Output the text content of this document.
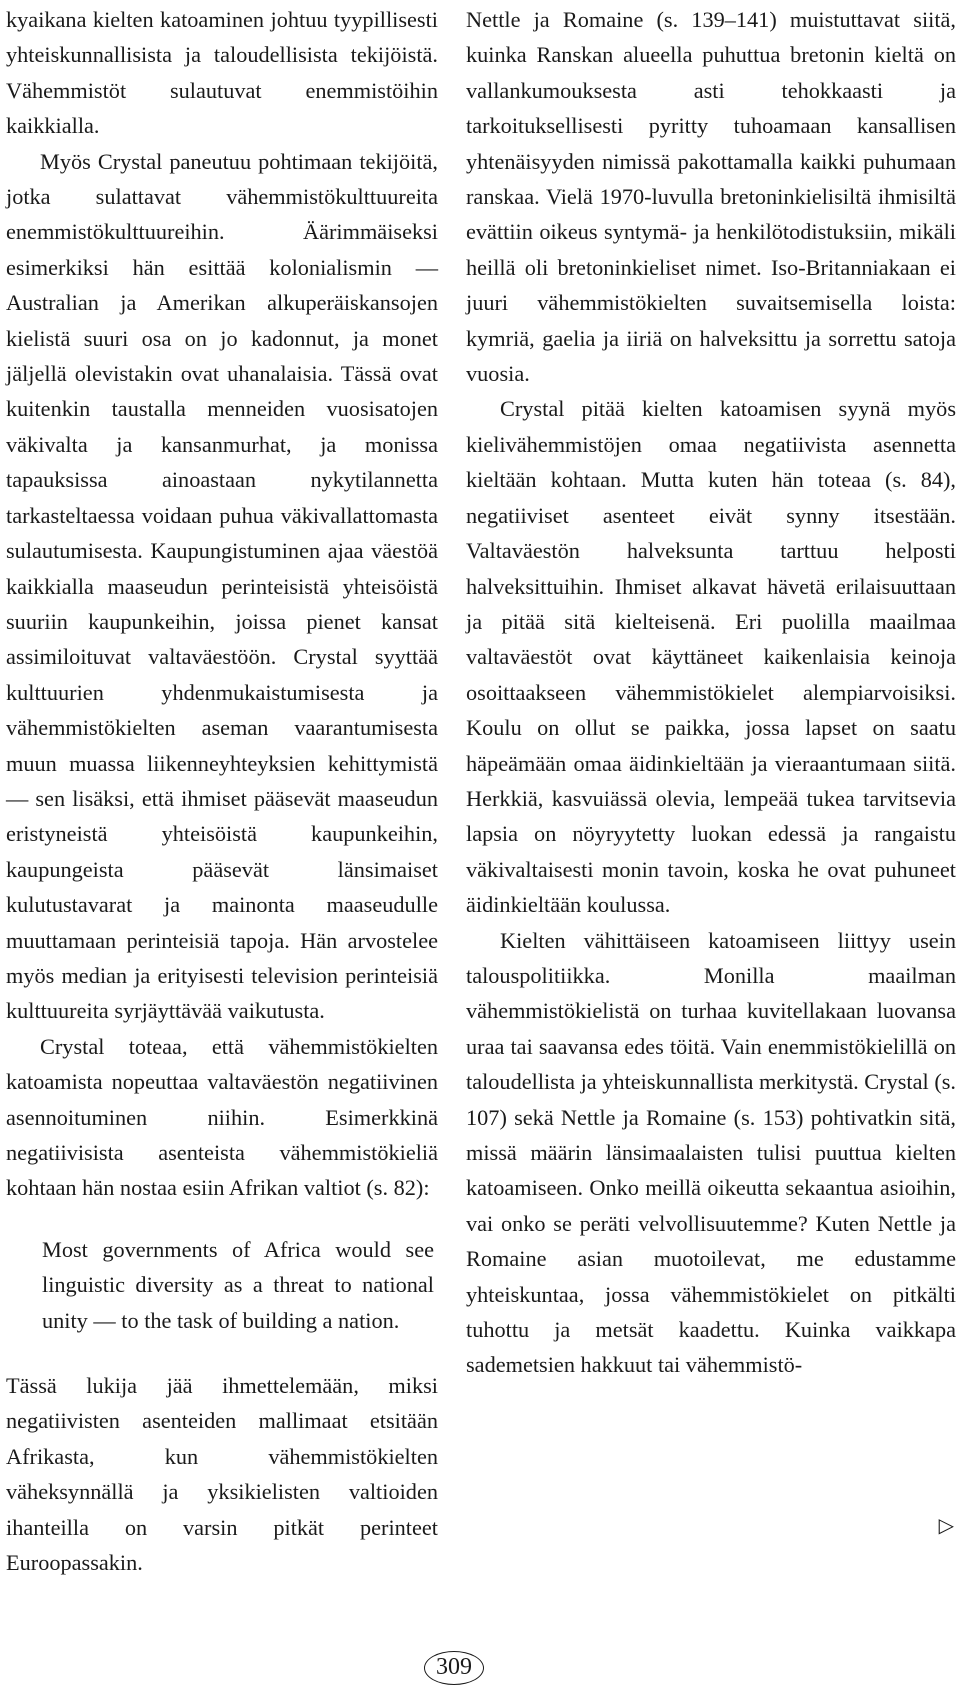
kyaikana kielten katoaminen johtuu tyypillisesti yhteiskunnallisista ja taloudellisista tekijöistä. Vähemmistöt sulautuvat enemmistöihin kaikkialla.

Myös Crystal paneutuu pohtimaan tekijöitä, jotka sulattavat vähemmistökulttuureita enemmistökulttuureihin. Äärimmäiseksi esimerkiksi hän esittää kolonialismin — Australian ja Amerikan alkuperäiskansojen kielistä suuri osa on jo kadonnut, ja monet jäljellä olevistakin ovat uhanalaisia. Tässä ovat kuitenkin taustalla menneiden vuosisatojen väkivalta ja kansanmurhat, ja monissa tapauksissa ainoastaan nykytilannetta tarkasteltaessa voidaan puhua väkivallattomasta sulautumisesta. Kaupungistuminen ajaa väestöä kaikkialla maaseudun perinteisistä yhteisöistä suuriin kaupunkeihin, joissa pienet kansat assimiloituvat valtaväestöön. Crystal syyttää kulttuurien yhdenmukaistumisesta ja vähemmistökielten aseman vaarantumisesta muun muassa liikenneyhteyksien kehittymistä — sen lisäksi, että ihmiset pääsevät maaseudun eristyneistä yhteisöistä kaupunkeihin, kaupungeista pääsevät länsimaiset kulutustavarat ja mainonta maaseudulle muuttamaan perinteisiä tapoja. Hän arvostelee myös median ja erityisesti television perinteisiä kulttuureita syrjäyttävää vaikutusta.

Crystal toteaa, että vähemmistökielten katoamista nopeuttaa valtaväestön negatiivinen asennoituminen niihin. Esimerkkinä negatiivisista asenteista vähemmistökieliä kohtaan hän nostaa esiin Afrikan valtiot (s. 82):

Most governments of Africa would see linguistic diversity as a threat to national unity — to the task of building a nation.

Tässä lukija jää ihmettelemään, miksi negatiivisten asenteiden mallimaat etsitään Afrikasta, kun vähemmistökielten väheksynnällä ja yksikielisten valtioiden ihanteilla on varsin pitkät perinteet Euroopassakin.

Nettle ja Romaine (s. 139–141) muistuttavat siitä, kuinka Ranskan alueella puhuttua bretonin kieltä on vallankumouksesta asti tehokkaasti ja tarkoituksellisesti pyritty tuhoamaan kansallisen yhtenäisyyden nimissä pakottamalla kaikki puhumaan ranskaa. Vielä 1970-luvulla bretoninkielisiltä ihmisiltä evättiin oikeus syntymä- ja henkilötodistuksiin, mikäli heillä oli bretoninkieliset nimet. Iso-Britanniakaan ei juuri vähemmistökielten suvaitsemisella loista: kymriä, gaelia ja iiriä on halveksittu ja sorrettu satoja vuosia.

Crystal pitää kielten katoamisen syynä myös kielivähemmistöjen omaa negatiivista asennetta kieltään kohtaan. Mutta kuten hän toteaa (s. 84), negatiiviset asenteet eivät synny itsestään. Valtaväestön halveksunta tarttuu helposti halveksittuihin. Ihmiset alkavat hävetä erilaisuuttaan ja pitää sitä kielteisenä. Eri puolilla maailmaa valtaväestöt ovat käyttäneet kaikenlaisia keinoja osoittaakseen vähemmistökielet alempiarvoisiksi. Koulu on ollut se paikka, jossa lapset on saatu häpeämään omaa äidinkieltään ja vieraantumaan siitä. Herkkiä, kasvuiässä olevia, lempeää tukea tarvitsevia lapsia on nöyryytetty luokan edessä ja rangaistu väkivaltaisesti monin tavoin, koska he ovat puhuneet äidinkieltään koulussa.

Kielten vähittäiseen katoamiseen liittyy usein talouspolitiikka. Monilla maailman vähemmistökielistä on turhaa kuvitellakaan luovansa uraa tai saavansa edes töitä. Vain enemmistökielillä on taloudellista ja yhteiskunnallista merkitystä. Crystal (s. 107) sekä Nettle ja Romaine (s. 153) pohtivatkin sitä, missä määrin länsimaalaisten tulisi puuttua kielten katoamiseen. Onko meillä oikeutta sekaantua asioihin, vai onko se peräti velvollisuutemme? Kuten Nettle ja Romaine asian muotoilevat, me edustamme yhteiskuntaa, jossa vähemmistökielet on pitkälti tuhottu ja metsät kaadettu. Kuinka vaikkapa sademetsien hakkuut tai vähemmistö-

▷
309
